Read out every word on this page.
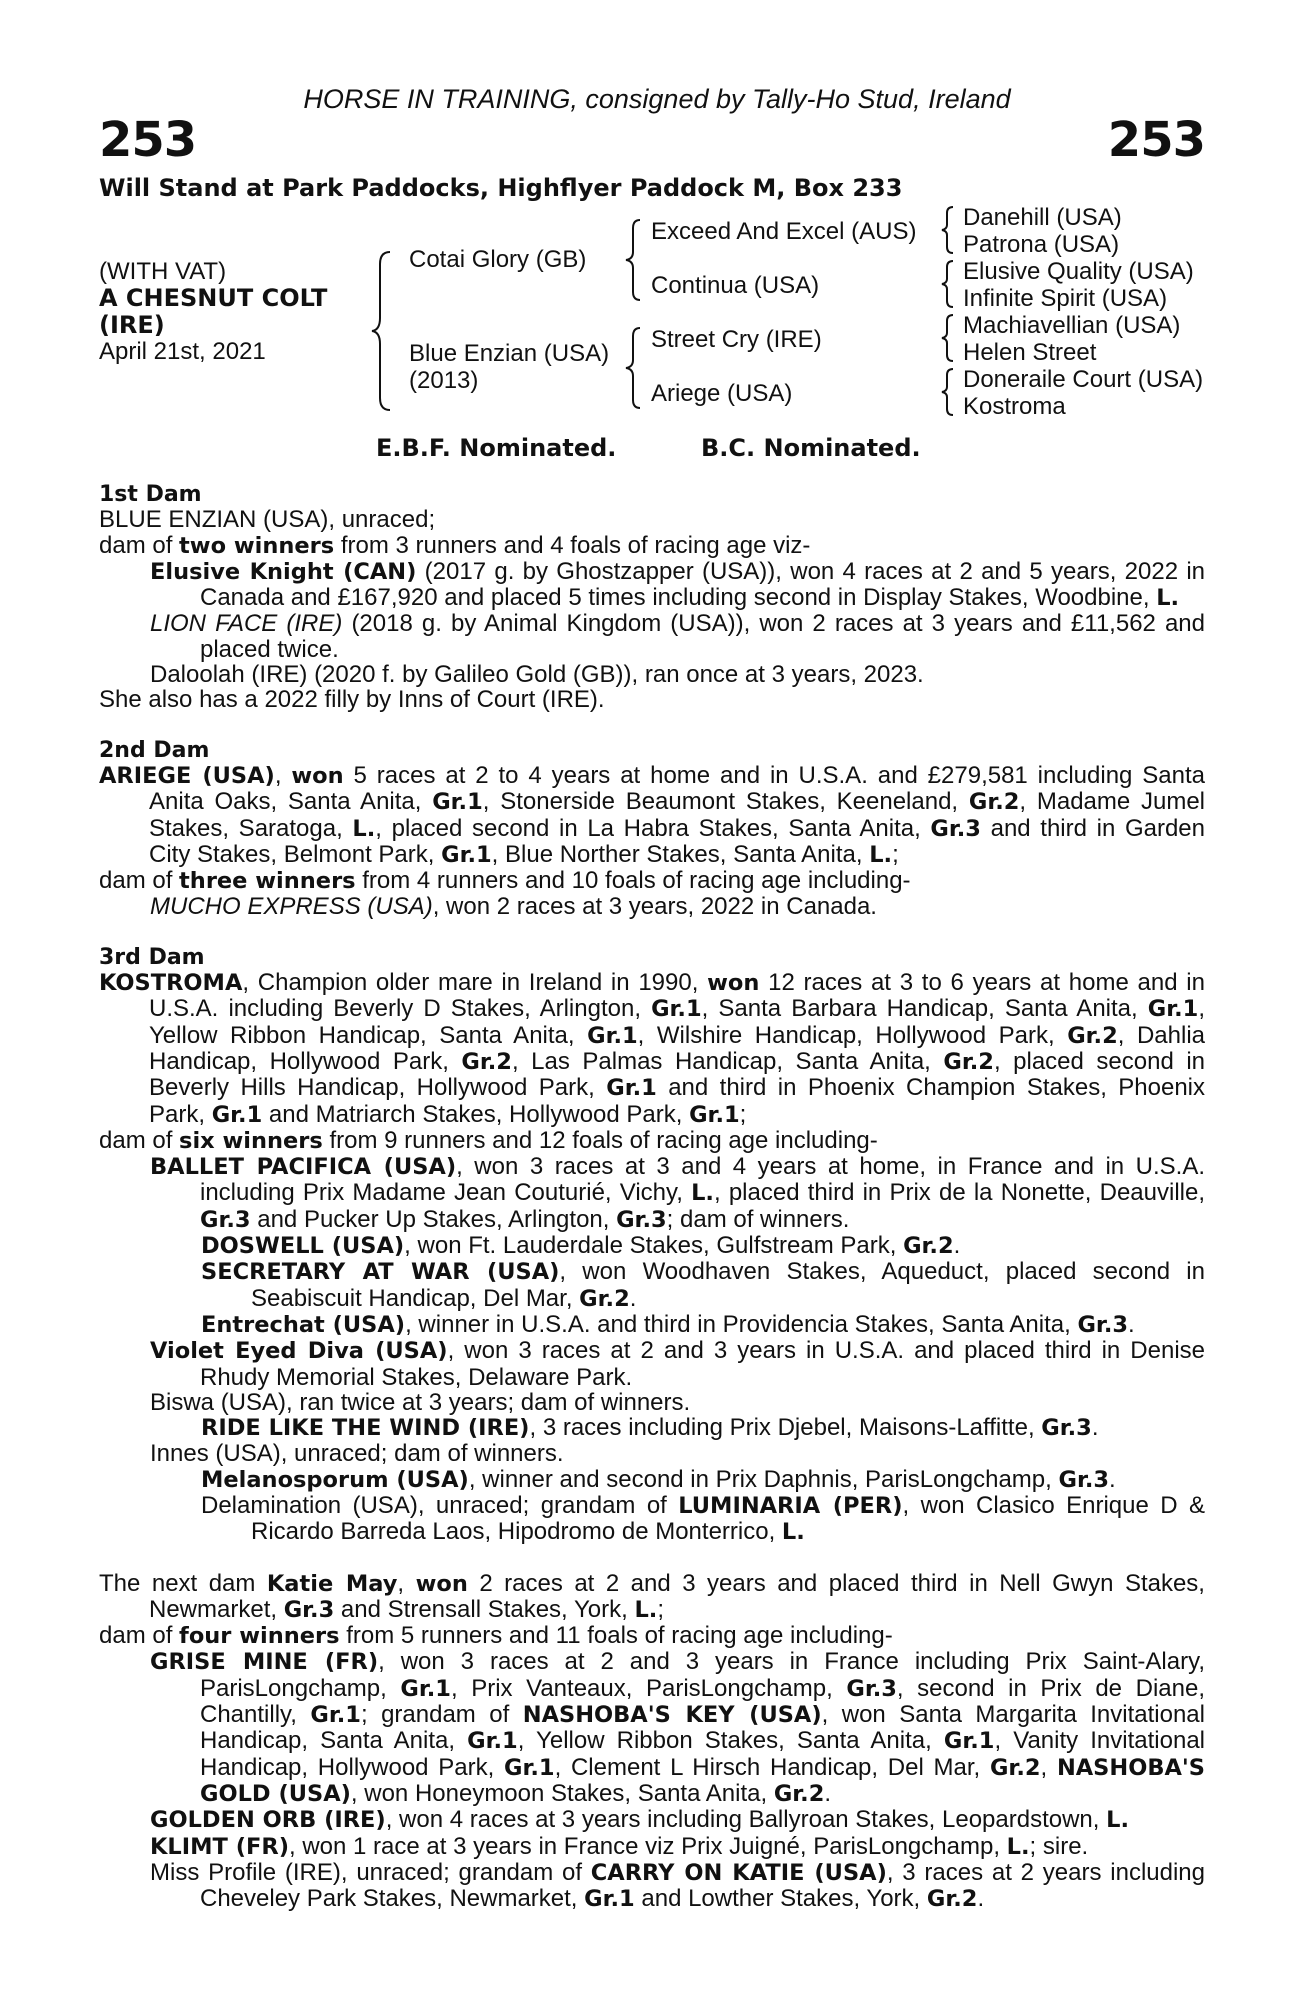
HORSE IN TRAINING, consigned by Tally-Ho Stud, Ireland
253	253
Will Stand at Park Paddocks, Highflyer Paddock M, Box 233
(WITH VAT)
A CHESNUT COLT
(IRE)
April 21st, 2021
Cotai Glory (GB)
Blue Enzian (USA)
(2013)
Exceed And Excel (AUS)
Continua (USA)
Street Cry (IRE)
Ariege (USA)
Danehill (USA)
Patrona (USA)
Elusive Quality (USA)
Infinite Spirit (USA)
Machiavellian (USA)
Helen Street
Doneraile Court (USA)
Kostroma
E.B.F. Nominated.	B.C. Nominated.
1st Dam

BLUE ENZIAN (USA), unraced;

dam of two winners from 3 runners and 4 foals of racing age viz-

Elusive Knight (CAN) (2017 g. by Ghostzapper (USA)), won 4 races at 2 and 5 years, 2022 in Canada and £167,920 and placed 5 times including second in Display Stakes, Woodbine, L.

LION FACE (IRE) (2018 g. by Animal Kingdom (USA)), won 2 races at 3 years and £11,562 and placed twice.

Daloolah (IRE) (2020 f. by Galileo Gold (GB)), ran once at 3 years, 2023.

She also has a 2022 filly by Inns of Court (IRE).

2nd Dam

ARIEGE (USA), won 5 races at 2 to 4 years at home and in U.S.A. and £279,581 including Santa Anita Oaks, Santa Anita, Gr.1, Stonerside Beaumont Stakes, Keeneland, Gr.2, Madame Jumel Stakes, Saratoga, L., placed second in La Habra Stakes, Santa Anita, Gr.3 and third in Garden City Stakes, Belmont Park, Gr.1, Blue Norther Stakes, Santa Anita, L.;

dam of three winners from 4 runners and 10 foals of racing age including-

MUCHO EXPRESS (USA), won 2 races at 3 years, 2022 in Canada.

3rd Dam

KOSTROMA, Champion older mare in Ireland in 1990, won 12 races at 3 to 6 years at home and in U.S.A. including Beverly D Stakes, Arlington, Gr.1, Santa Barbara Handicap, Santa Anita, Gr.1, Yellow Ribbon Handicap, Santa Anita, Gr.1, Wilshire Handicap, Hollywood Park, Gr.2, Dahlia Handicap, Hollywood Park, Gr.2, Las Palmas Handicap, Santa Anita, Gr.2, placed second in Beverly Hills Handicap, Hollywood Park, Gr.1 and third in Phoenix Champion Stakes, Phoenix Park, Gr.1 and Matriarch Stakes, Hollywood Park, Gr.1;

dam of six winners from 9 runners and 12 foals of racing age including-

BALLET PACIFICA (USA), won 3 races at 3 and 4 years at home, in France and in U.S.A. including Prix Madame Jean Couturié, Vichy, L., placed third in Prix de la Nonette, Deauville, Gr.3 and Pucker Up Stakes, Arlington, Gr.3; dam of winners.

DOSWELL (USA), won Ft. Lauderdale Stakes, Gulfstream Park, Gr.2.

SECRETARY AT WAR (USA), won Woodhaven Stakes, Aqueduct, placed second in Seabiscuit Handicap, Del Mar, Gr.2.

Entrechat (USA), winner in U.S.A. and third in Providencia Stakes, Santa Anita, Gr.3.

Violet Eyed Diva (USA), won 3 races at 2 and 3 years in U.S.A. and placed third in Denise Rhudy Memorial Stakes, Delaware Park.

Biswa (USA), ran twice at 3 years; dam of winners.

RIDE LIKE THE WIND (IRE), 3 races including Prix Djebel, Maisons-Laffitte, Gr.3.

Innes (USA), unraced; dam of winners.

Melanosporum (USA), winner and second in Prix Daphnis, ParisLongchamp, Gr.3.

Delamination (USA), unraced; grandam of LUMINARIA (PER), won Clasico Enrique D & Ricardo Barreda Laos, Hipodromo de Monterrico, L.

The next dam Katie May, won 2 races at 2 and 3 years and placed third in Nell Gwyn Stakes, Newmarket, Gr.3 and Strensall Stakes, York, L.;

dam of four winners from 5 runners and 11 foals of racing age including-

GRISE MINE (FR), won 3 races at 2 and 3 years in France including Prix Saint-Alary, ParisLongchamp, Gr.1, Prix Vanteaux, ParisLongchamp, Gr.3, second in Prix de Diane, Chantilly, Gr.1; grandam of NASHOBA'S KEY (USA), won Santa Margarita Invitational Handicap, Santa Anita, Gr.1, Yellow Ribbon Stakes, Santa Anita, Gr.1, Vanity Invitational Handicap, Hollywood Park, Gr.1, Clement L Hirsch Handicap, Del Mar, Gr.2, NASHOBA'S GOLD (USA), won Honeymoon Stakes, Santa Anita, Gr.2.

GOLDEN ORB (IRE), won 4 races at 3 years including Ballyroan Stakes, Leopardstown, L.

KLIMT (FR), won 1 race at 3 years in France viz Prix Juigné, ParisLongchamp, L.; sire.

Miss Profile (IRE), unraced; grandam of CARRY ON KATIE (USA), 3 races at 2 years including Cheveley Park Stakes, Newmarket, Gr.1 and Lowther Stakes, York, Gr.2.
